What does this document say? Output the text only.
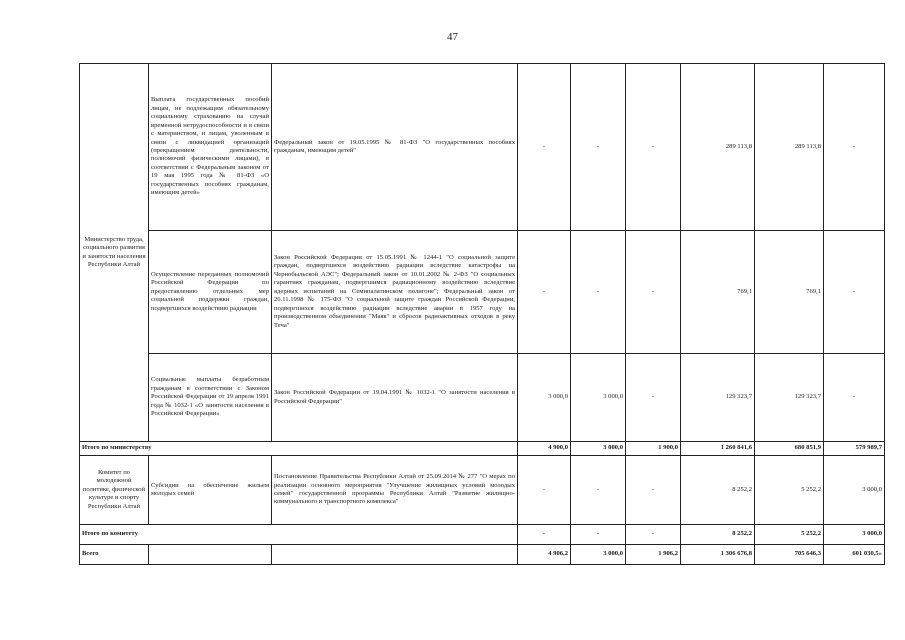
47
Министерство труда, социального развития и занятости населения Республики Алтай	Выплата государственных пособий лицам, не подлежащим обязательному социальному страхованию на случай временной нетрудоспособности и в связи с материнством, и лицам, уволенным в связи с ликвидацией организаций (прекращением деятельности, полномочий физическими лицами), в соответствии с Федеральным законом от 19 мая 1995 года № 81-ФЗ «О государственных пособиях гражданам, имеющим детей»	Федеральный закон от 19.05.1995 № 81-ФЗ "О государственных пособиях гражданам, имеющим детей"	-	-	-	289 113,8	289 113,8	-
	Осуществление переданных полномочий Российской Федерации по предоставлению отдельных мер социальной поддержки граждан, подвергшихся воздействию радиации	Закон Российской Федерации от 15.05.1991 № 1244-1 "О социальной защите граждан, подвергшихся воздействию радиации вследствие катастрофы на Чернобыльской АЭС"; Федеральный закон от 10.01.2002 № 2-ФЗ "О социальных гарантиях гражданам, подвергшимся радиационному воздействию вследствие ядерных испытаний на Семипалатинском полигоне"; Федеральный закон от 26.11.1998 № 175-ФЗ "О социальной защите граждан Российской Федерации, подвергшихся воздействию радиации вследствие аварии в 1957 году на производственном объединении "Маяк" и сбросов радиоактивных отходов в реку Теча"	-	-	-	769,1	769,1	-
	Социальные выплаты безработным гражданам в соответствии с Законом Российской Федерации от 19 апреля 1991 года № 1032-1 «О занятости населения в Российской Федерации»	Закон Российской Федерации от 19.04.1991 № 1032-1 "О занятости населения в Российской Федерации"	3 000,0	3 000,0	-	129 323,7	129 323,7	-
Итого по министерству			4 900,0	3 000,0	1 900,0	1 260 841,6	680 851,9	579 989,7
Комитет по молодежной политике, физической культуре и спорту Республики Алтай	Субсидии на обеспечение жильем молодых семей	Постановление Правительства Республики Алтай от 25.09.2014 № 277 "О мерах по реализации основного мероприятия "Улучшение жилищных условий молодых семей" государственной программы Республики Алтай "Развитие жилищно-коммунального и транспортного комплекса"	-	-	-	8 252,2	5 252,2	3 000,0
Итого по комитету			-	-	-	8 252,2	5 252,2	3 000,0
Всего			4 906,2	3 000,0	1 906,2	1 306 676,8	705 646,3	601 030,5»
